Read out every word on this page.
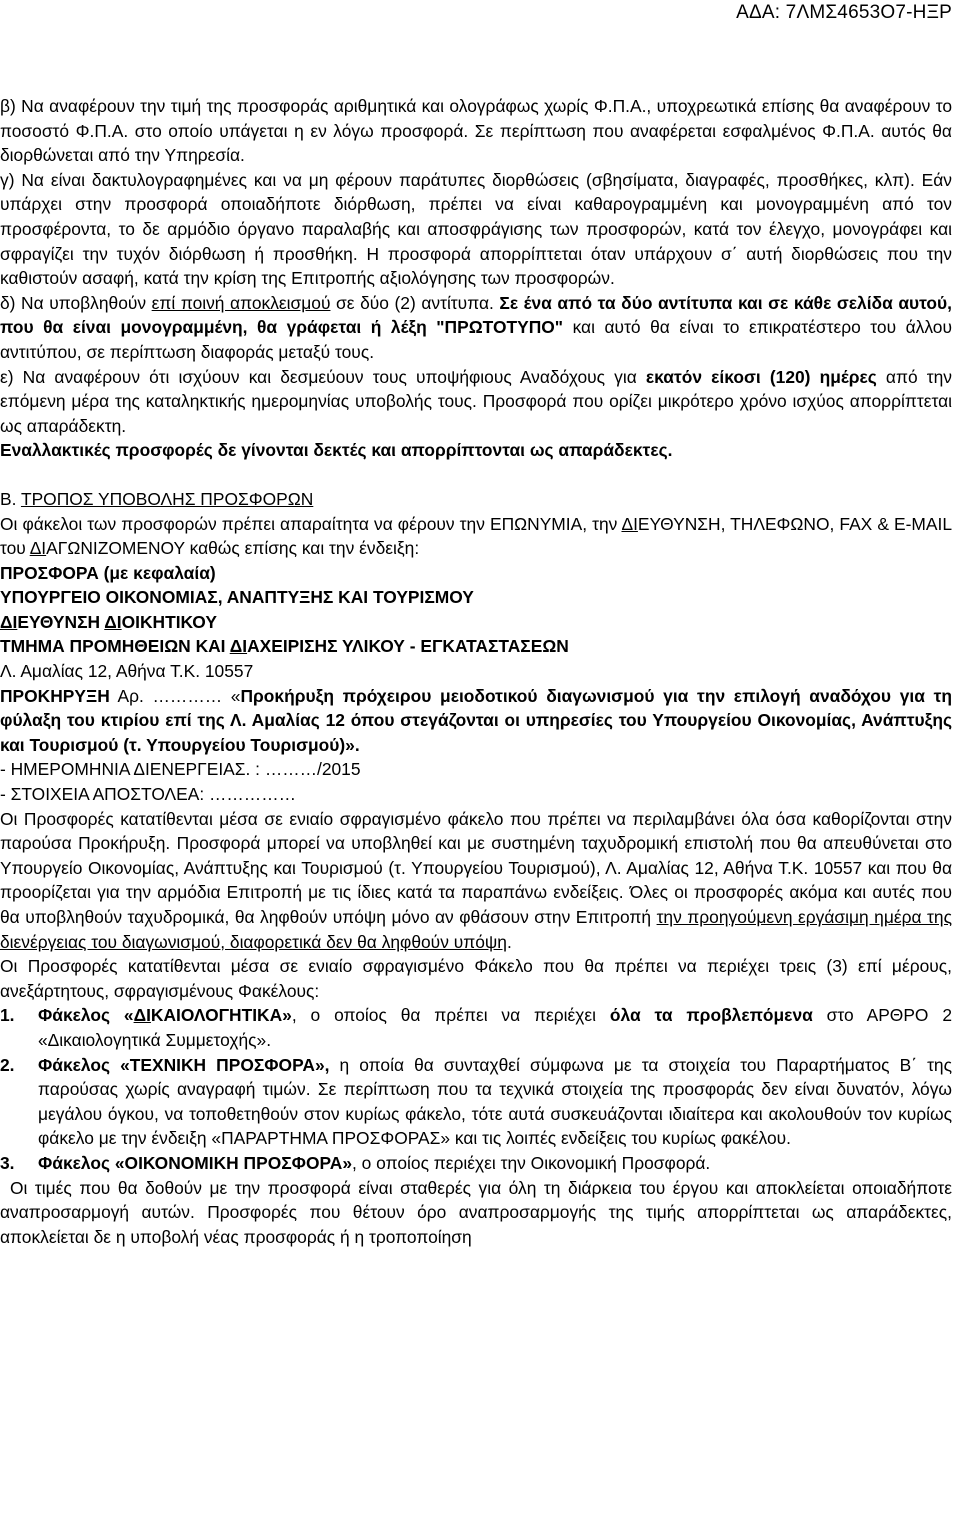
ΑΔΑ: 7ΛΜΣ4653Ο7-ΗΞΡ

β) Να αναφέρουν την τιμή της προσφοράς αριθμητικά και ολογράφως χωρίς Φ.Π.Α., υποχρεωτικά επίσης θα αναφέρουν το ποσοστό Φ.Π.Α. στο οποίο υπάγεται η εν λόγω προσφορά. Σε περίπτωση που αναφέρεται εσφαλμένος Φ.Π.Α. αυτός θα διορθώνεται από την Υπηρεσία.

γ) Να είναι δακτυλογραφημένες και να μη φέρουν παράτυπες διορθώσεις (σβησίματα, διαγραφές, προσθήκες, κλπ). Εάν υπάρχει στην προσφορά οποιαδήποτε διόρθωση, πρέπει να είναι καθαρογραμμένη και μονογραμμένη από τον προσφέροντα, το δε αρμόδιο όργανο παραλαβής και αποσφράγισης των προσφορών, κατά τον έλεγχο, μονογράφει και σφραγίζει την τυχόν διόρθωση ή προσθήκη. Η προσφορά απορρίπτεται όταν υπάρχουν σ΄ αυτή διορθώσεις που την καθιστούν ασαφή, κατά την κρίση της Επιτροπής αξιολόγησης των προσφορών.

δ) Να υποβληθούν επί ποινή αποκλεισμού σε δύο (2) αντίτυπα. Σε ένα από τα δύο αντίτυπα και σε κάθε σελίδα αυτού, που θα είναι μονογραμμένη, θα γράφεται ή λέξη "ΠΡΩΤΟΤΥΠΟ" και αυτό θα είναι το επικρατέστερο του άλλου αντιτύπου, σε περίπτωση διαφοράς μεταξύ τους.

ε) Να αναφέρουν ότι ισχύουν και δεσμεύουν τους υποψήφιους Αναδόχους για εκατόν είκοσι (120) ημέρες από την επόμενη μέρα της καταληκτικής ημερομηνίας υποβολής τους. Προσφορά που ορίζει μικρότερο χρόνο ισχύος απορρίπτεται ως απαράδεκτη.

Εναλλακτικές προσφορές δε γίνονται δεκτές και απορρίπτονται ως απαράδεκτες.

Β. ΤΡΟΠΟΣ ΥΠΟΒΟΛΗΣ ΠΡΟΣΦΟΡΩΝ

Οι φάκελοι των προσφορών πρέπει απαραίτητα να φέρουν την ΕΠΩΝΥΜΙΑ, την ΔΙΕΥΘΥΝΣΗ, ΤΗΛΕΦΩΝΟ, FAX & E-MAIL του ΔΙΑΓΩΝΙΖΟΜΕΝΟΥ καθώς επίσης και την ένδειξη:

ΠΡΟΣΦΟΡΑ (με κεφαλαία)

ΥΠΟΥΡΓΕΙΟ ΟΙΚΟΝΟΜΙΑΣ, ΑΝΑΠΤΥΞΗΣ ΚΑΙ ΤΟΥΡΙΣΜΟΥ

ΔΙΕΥΘΥΝΣΗ ΔΙΟΙΚΗΤΙΚΟΥ

ΤΜΗΜΑ ΠΡΟΜΗΘΕΙΩΝ ΚΑΙ ΔΙΑΧΕΙΡΙΣΗΣ ΥΛΙΚΟΥ - ΕΓΚΑΤΑΣΤΑΣΕΩΝ

Λ. Αμαλίας 12, Αθήνα Τ.Κ. 10557

ΠΡΟΚΗΡΥΞΗ Αρ. ………… «Προκήρυξη πρόχειρου μειοδοτικού διαγωνισμού για την επιλογή αναδόχου για τη φύλαξη του κτιρίου επί της Λ. Αμαλίας 12 όπου στεγάζονται οι υπηρεσίες του Υπουργείου Οικονομίας, Ανάπτυξης και Τουρισμού (τ. Υπουργείου Τουρισμού)».

- ΗΜΕΡΟΜΗΝΙΑ ΔΙΕΝΕΡΓΕΙΑΣ. : ………/2015

- ΣΤΟΙΧΕΙΑ ΑΠΟΣΤΟΛΕΑ: ……………

Οι Προσφορές κατατίθενται μέσα σε ενιαίο σφραγισμένο φάκελο που πρέπει να περιλαμβάνει όλα όσα καθορίζονται στην παρούσα Προκήρυξη. Προσφορά μπορεί να υποβληθεί και με συστημένη ταχυδρομική επιστολή που θα απευθύνεται στο Υπουργείο Οικονομίας, Ανάπτυξης και Τουρισμού (τ. Υπουργείου Τουρισμού), Λ. Αμαλίας 12, Αθήνα Τ.Κ. 10557 και που θα προορίζεται για την αρμόδια Επιτροπή με τις ίδιες κατά τα παραπάνω ενδείξεις. Όλες οι προσφορές ακόμα και αυτές που θα υποβληθούν ταχυδρομικά, θα ληφθούν υπόψη μόνο αν φθάσουν στην Επιτροπή την προηγούμενη εργάσιμη ημέρα της διενέργειας του διαγωνισμού, διαφορετικά δεν θα ληφθούν υπόψη.

Οι Προσφορές κατατίθενται μέσα σε ενιαίο σφραγισμένο Φάκελο που θα πρέπει να περιέχει τρεις (3) επί μέρους, ανεξάρτητους, σφραγισμένους Φακέλους:

1.	Φάκελος «ΔΙΚΑΙΟΛΟΓΗΤΙΚΑ», ο οποίος θα πρέπει να περιέχει όλα τα προβλεπόμενα στο ΑΡΘΡΟ 2 «Δικαιολογητικά Συμμετοχής».
2.	Φάκελος «ΤΕΧΝΙΚΗ ΠΡΟΣΦΟΡΑ», η οποία θα συνταχθεί σύμφωνα με τα στοιχεία του Παραρτήματος Β΄ της παρούσας χωρίς αναγραφή τιμών. Σε περίπτωση που τα τεχνικά στοιχεία της προσφοράς δεν είναι δυνατόν, λόγω μεγάλου όγκου, να τοποθετηθούν στον κυρίως φάκελο, τότε αυτά συσκευάζονται ιδιαίτερα και ακολουθούν τον κυρίως φάκελο με την ένδειξη «ΠΑΡΑΡΤΗΜΑ ΠΡΟΣΦΟΡΑΣ» και τις λοιπές ενδείξεις του κυρίως φακέλου.
3.	Φάκελος «ΟΙΚΟΝΟΜΙΚΗ ΠΡΟΣΦΟΡΑ», ο οποίος περιέχει την Οικονομική Προσφορά.

Οι τιμές που θα δοθούν με την προσφορά είναι σταθερές για όλη τη διάρκεια του έργου και αποκλείεται οποιαδήποτε αναπροσαρμογή αυτών. Προσφορές που θέτουν όρο αναπροσαρμογής της τιμής απορρίπτεται ως απαράδεκτες, αποκλείεται δε η υποβολή νέας προσφοράς ή η τροποποίηση
